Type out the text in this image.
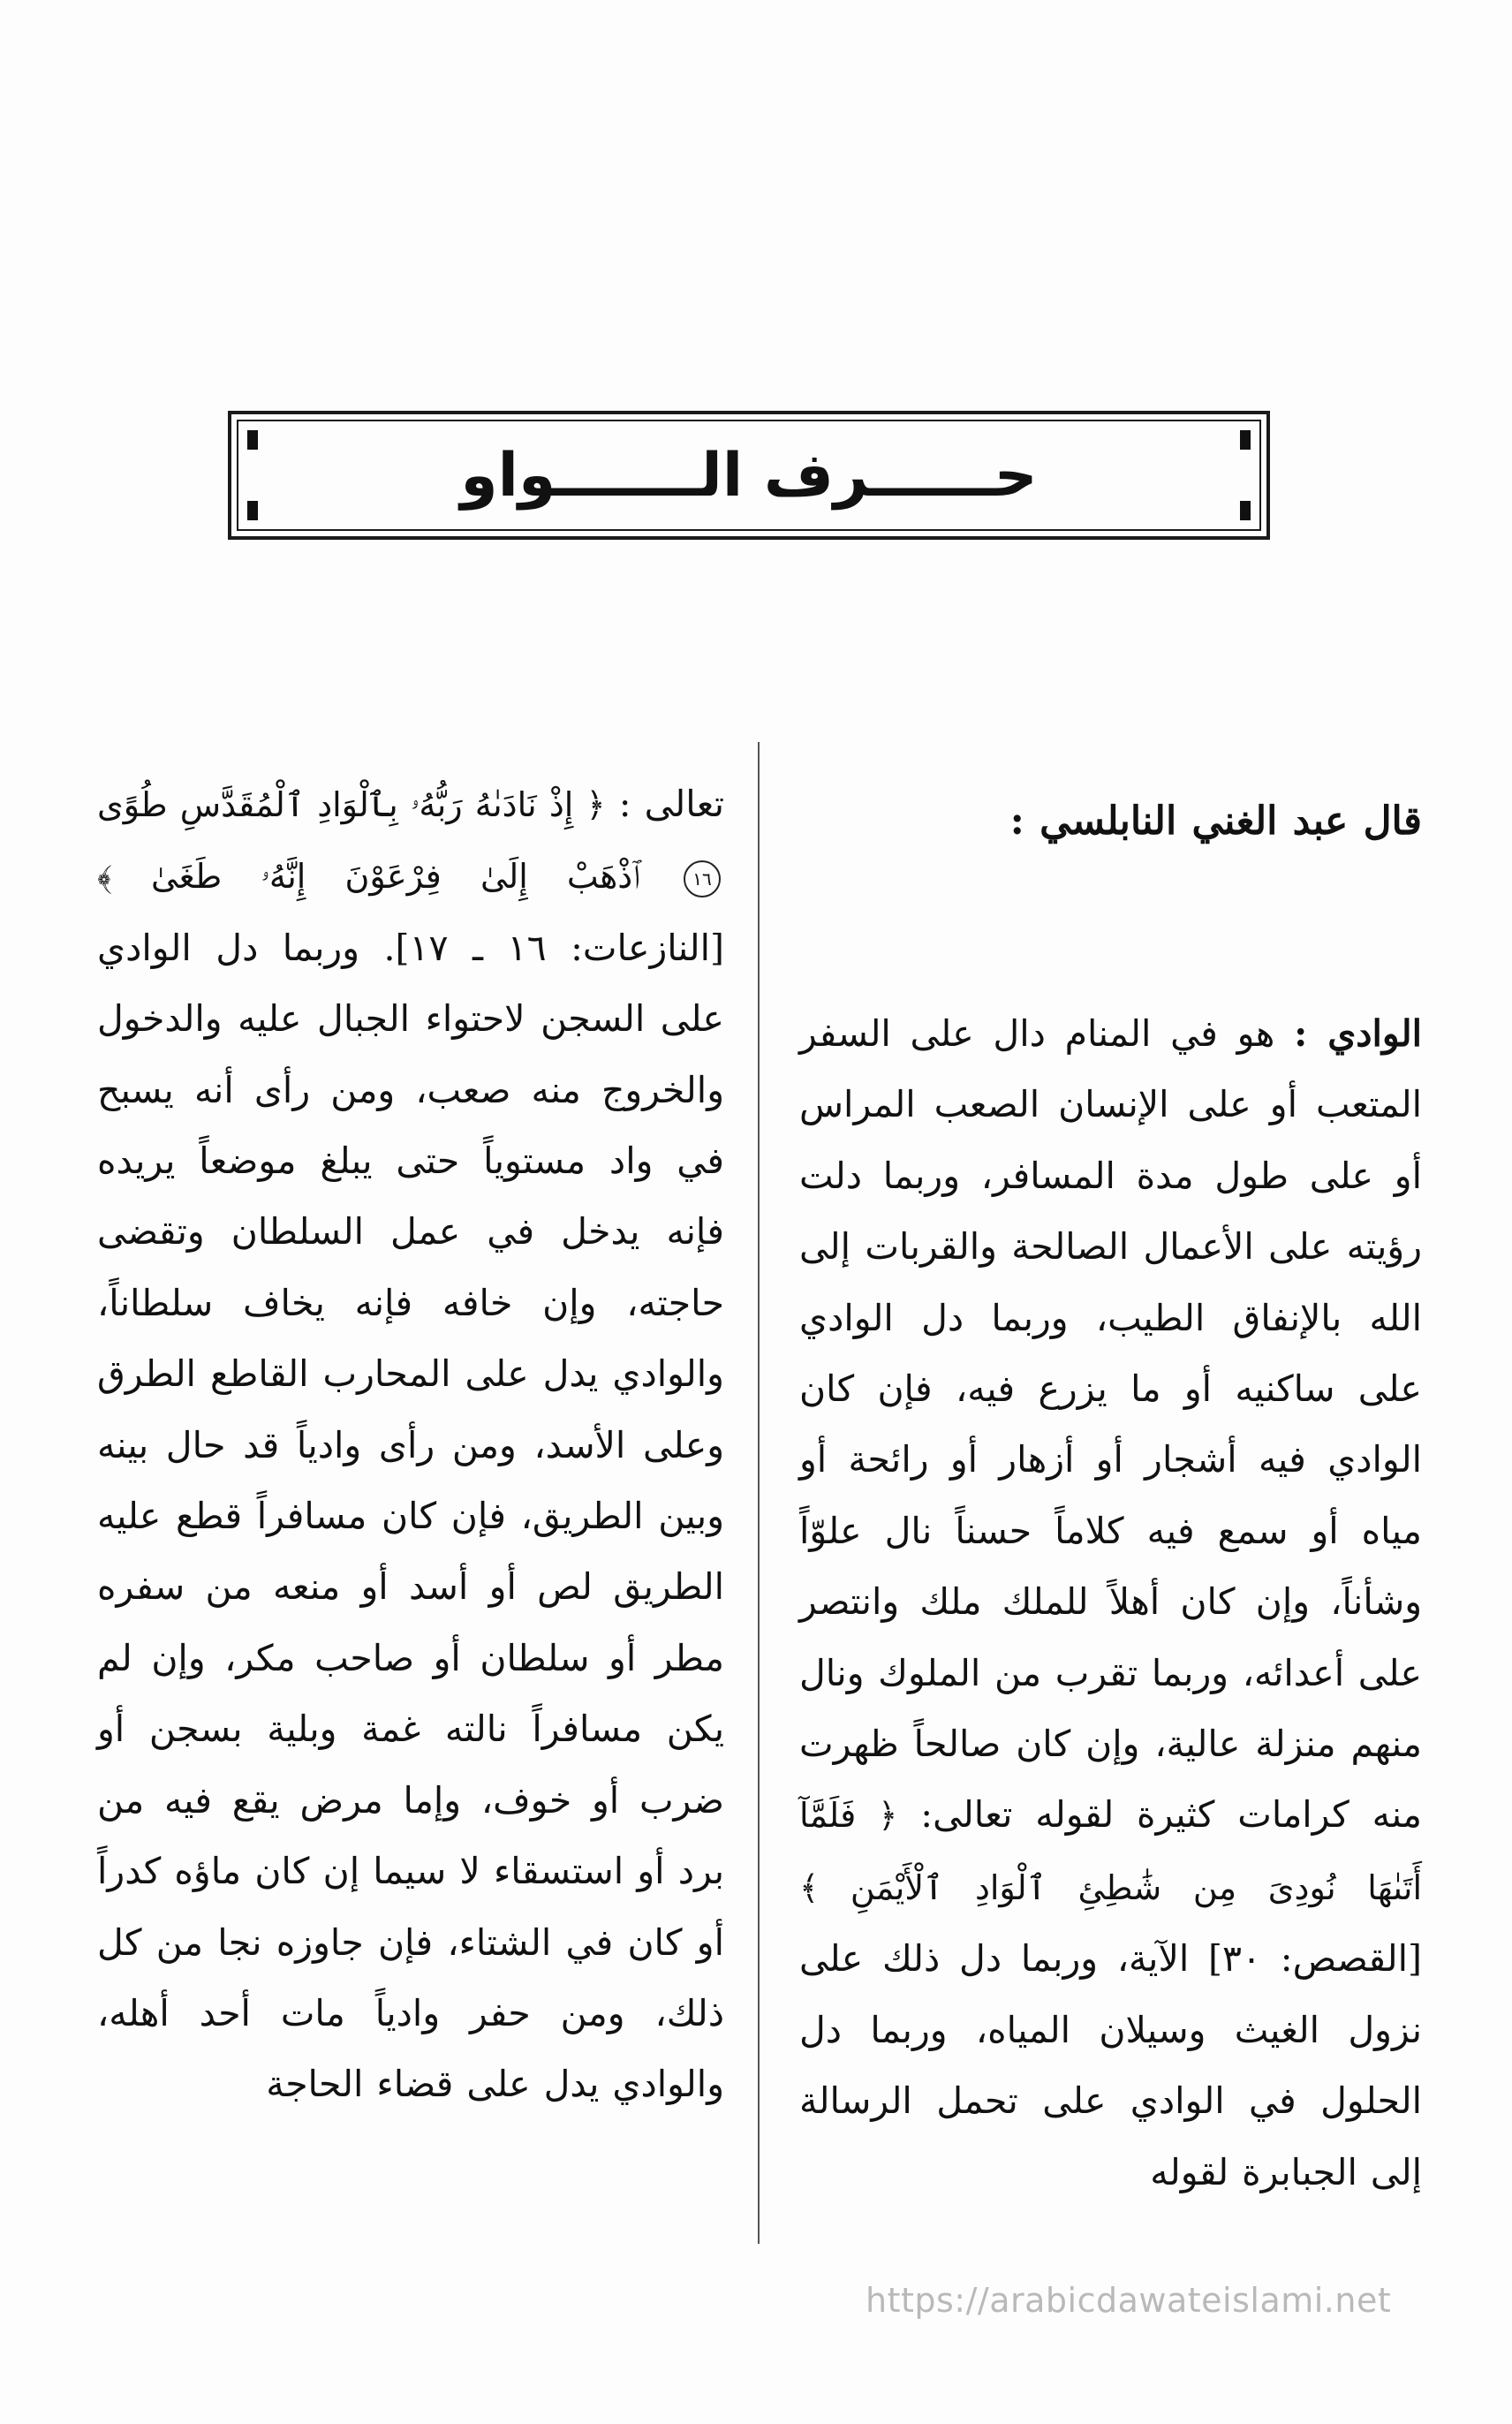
حــــــرف الـــــــواو

قال عبد الغني النابلسي :

الوادي : هو في المنام دال على السفر المتعب أو على الإنسان الصعب المراس أو على طول مدة المسافر، وربما دلت رؤيته على الأعمال الصالحة والقربات إلى الله بالإنفاق الطيب، وربما دل الوادي على ساكنيه أو ما يزرع فيه، فإن كان الوادي فيه أشجار أو أزهار أو رائحة أو مياه أو سمع فيه كلاماً حسناً نال علوّاً وشأناً، وإن كان أهلاً للملك ملك وانتصر على أعدائه، وربما تقرب من الملوك ونال منهم منزلة عالية، وإن كان صالحاً ظهرت منه كرامات كثيرة لقوله تعالى: ﴿ فَلَمَّآ أَتَىٰهَا نُودِىَ مِن شَٰطِئِ ٱلْوَادِ ٱلْأَيْمَنِ ﴾ [القصص: ٣٠] الآية، وربما دل ذلك على نزول الغيث وسيلان المياه، وربما دل الحلول في الوادي على تحمل الرسالة إلى الجبابرة لقوله

تعالى : ﴿ إِذْ نَادَىٰهُ رَبُّهُۥ بِٱلْوَادِ ٱلْمُقَدَّسِ طُوًى ١٦ ٱذْهَبْ إِلَىٰ فِرْعَوْنَ إِنَّهُۥ طَغَىٰ ﴾ [النازعات: ١٦ ـ ١٧]. وربما دل الوادي على السجن لاحتواء الجبال عليه والدخول والخروج منه صعب، ومن رأى أنه يسبح في واد مستوياً حتى يبلغ موضعاً يريده فإنه يدخل في عمل السلطان وتقضى حاجته، وإن خافه فإنه يخاف سلطاناً، والوادي يدل على المحارب القاطع الطرق وعلى الأسد، ومن رأى وادياً قد حال بينه وبين الطريق، فإن كان مسافراً قطع عليه الطريق لص أو أسد أو منعه من سفره مطر أو سلطان أو صاحب مكر، وإن لم يكن مسافراً نالته غمة وبلية بسجن أو ضرب أو خوف، وإما مرض يقع فيه من برد أو استسقاء لا سيما إن كان ماؤه كدراً أو كان في الشتاء، فإن جاوزه نجا من كل ذلك، ومن حفر وادياً مات أحد أهله، والوادي يدل على قضاء الحاجة

https://arabicdawateislami.net
